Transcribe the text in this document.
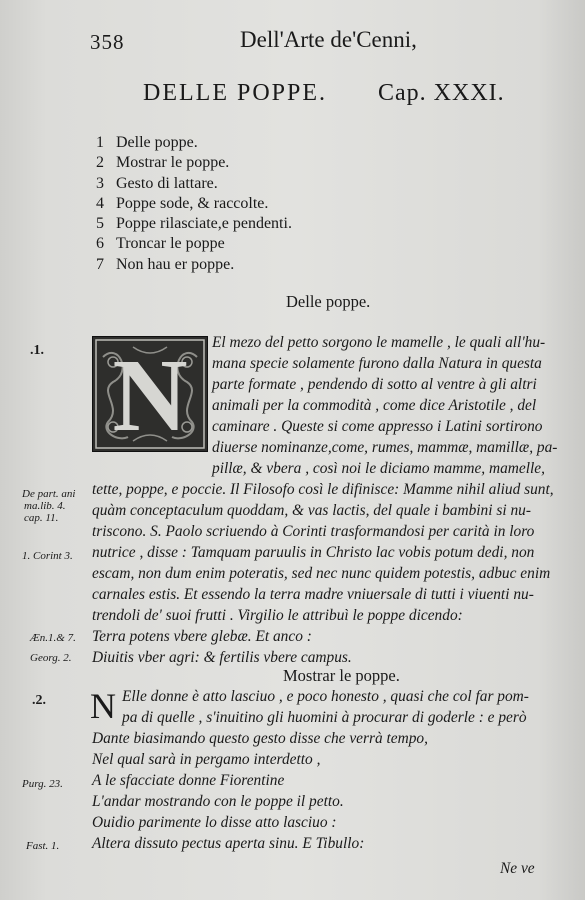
358	Dell'Arte de'Cenni,
DELLE POPPE. Cap. XXXI.
1 Delle poppe.
2 Mostrar le poppe.
3 Gesto di lattare.
4 Poppe sode, & raccolte.
5 Poppe rilasciate,e pendenti.
6 Troncar le poppe
7 Non hau er poppe.
Delle poppe.
N	El mezo del petto sorgono le mamelle , le quali all'hu-
mana specie solamente furono dalla Natura in questa
parte formate , pendendo di sotto al ventre à gli altri
animali per la commodità , come dice Aristotile , del
caminare . Queste si come appresso i Latini sortirono
diuerse nominanze,come, rumes, mammæ, mamillæ, pa-
pillæ, & vbera , così noi le diciamo mamme, mamelle,
tette, poppe, e poccie. Il Filosofo così le difinisce: Mamme nihil aliud sunt,
quàm conceptaculum quoddam, & vas lactis, del quale i bambini si nu-
triscono. S. Paolo scriuendo à Corinti trasformandosi per carità in loro
nutrice , disse : Tamquam paruulis in Christo lac vobis potum dedi, non
escam, non dum enim poteratis, sed nec nunc quidem potestis, adbuc enim
carnales estis. Et essendo la terra madre vniuersale di tutti i viuenti nu-
trendoli de' suoi frutti . Virgilio le attribuì le poppe dicendo:
Terra potens vbere glebæ. Et anco :
Diuitis vber agri: & fertilis vbere campus.
Mostrar le poppe.
N Elle donne è atto lasciuo , e poco honesto , quasi che col far pom-
pa di quelle , s'inuitino gli huomini à procurar di goderle : e però
Dante biasimando questo gesto disse che verrà tempo,
Nel qual sarà in pergamo interdetto ,
A le sfacciate donne Fiorentine
L'andar mostrando con le poppe il petto.
Ouidio parimente lo disse atto lasciuo :
Altera dissuto pectus aperta sinu. E Tibullo:
Ne ve
.1.
De part. ani
ma.lib. 4.
cap. 11.
1. Corint 3.
Æn.1.& 7.
Georg. 2.
.2.
Purg. 23.
Fast. 1.
